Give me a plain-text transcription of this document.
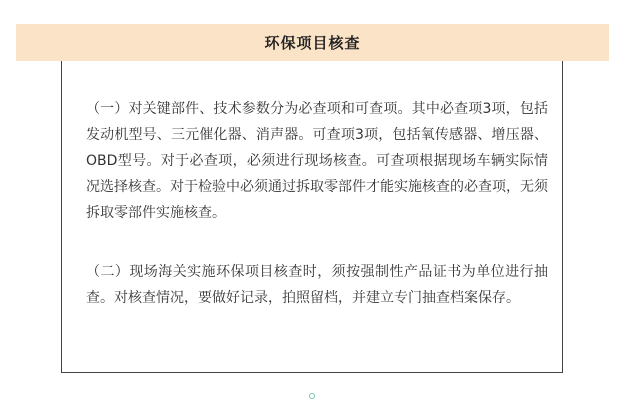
环保项目核查

（一）对关键部件、技术参数分为必查项和可查项。其中必查项3项，包括发动机型号、三元催化器、消声器。可查项3项，包括氧传感器、增压器、OBD型号。对于必查项，必须进行现场核查。可查项根据现场车辆实际情况选择核查。对于检验中必须通过拆取零部件才能实施核查的必查项，无须拆取零部件实施核查。

（二）现场海关实施环保项目核查时，须按强制性产品证书为单位进行抽查。对核查情况，要做好记录，拍照留档，并建立专门抽查档案保存。
